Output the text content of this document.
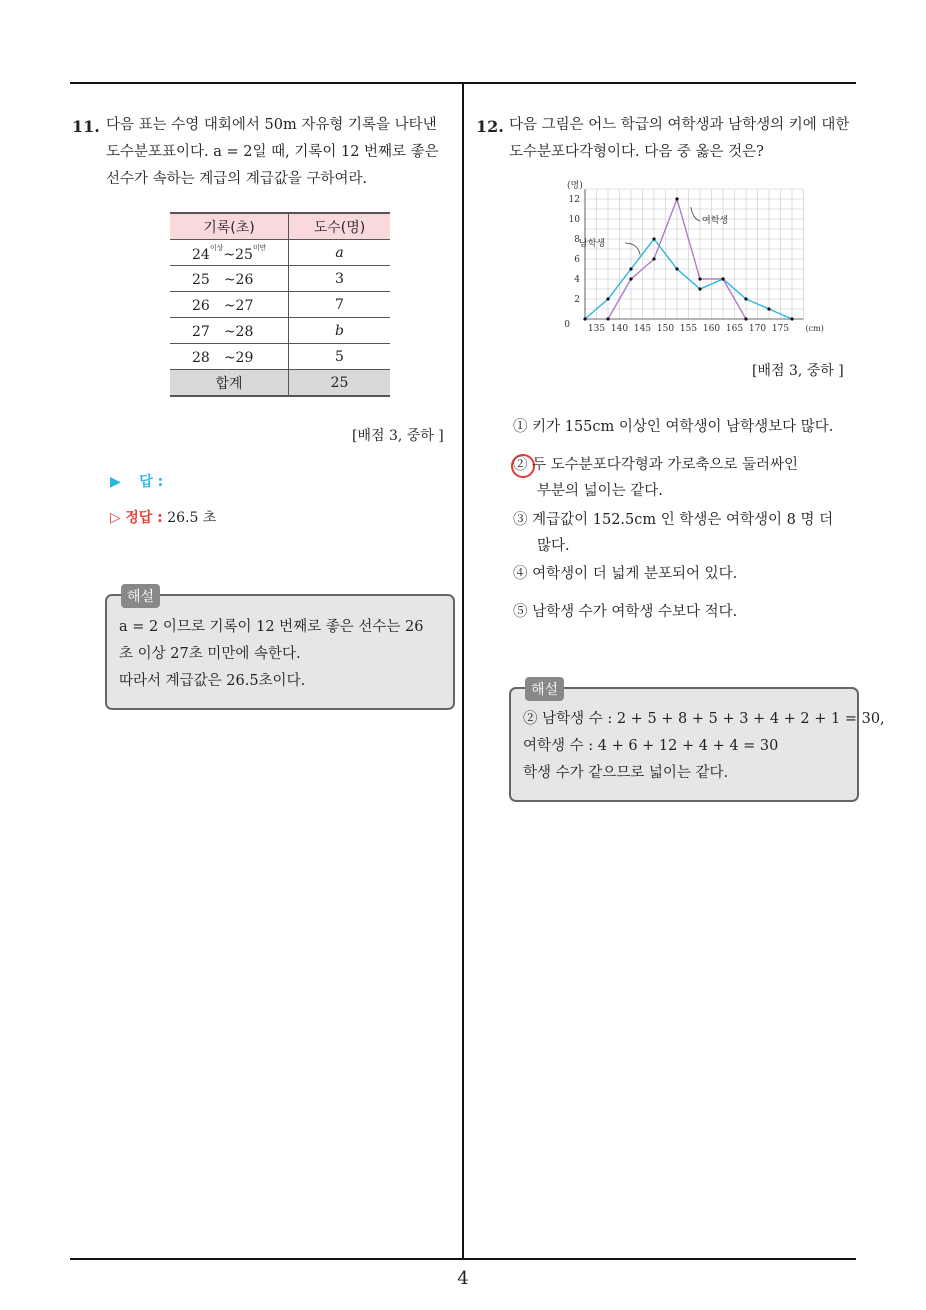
11. 다음 표는 수영 대회에서 50m 자유형 기록을 나타낸
도수분포표이다. a = 2일 때, 기록이 12 번째로 좋은
선수가 속하는 계급의 계급값을 구하여라.
기록(초)	도수(명)
$24^{이상}\sim 25^{미만}$	a
25　~26	3
26　~27	7
27　~28	b
28　~29	5
합계	25
[배점 3, 중하 ]
▶ 답 :
▷ 정답 : 26.5 초
해설
a = 2 이므로 기록이 12 번째로 좋은 선수는 26
초 이상 27초 미만에 속한다.
따라서 계급값은 26.5초이다.
12. 다음 그림은 어느 학급의 여학생과 남학생의 키에 대한
도수분포다각형이다. 다음 중 옳은 것은?
135 140 145 150 155 160 165 170 175
0
2
4
6
8
10
12
(명)
(cm)
남학생
여학생
[배점 3, 중하 ]
① 키가 155cm 이상인 여학생이 남학생보다 많다.
② 두 도수분포다각형과 가로축으로 둘러싸인
부분의 넓이는 같다.
③ 계급값이 152.5cm 인 학생은 여학생이 8 명 더
많다.
④ 여학생이 더 넓게 분포되어 있다.
⑤ 남학생 수가 여학생 수보다 적다.
해설
② 남학생 수 : 2 + 5 + 8 + 5 + 3 + 4 + 2 + 1 = 30,
여학생 수 : 4 + 6 + 12 + 4 + 4 = 30
학생 수가 같으므로 넓이는 같다.
4
